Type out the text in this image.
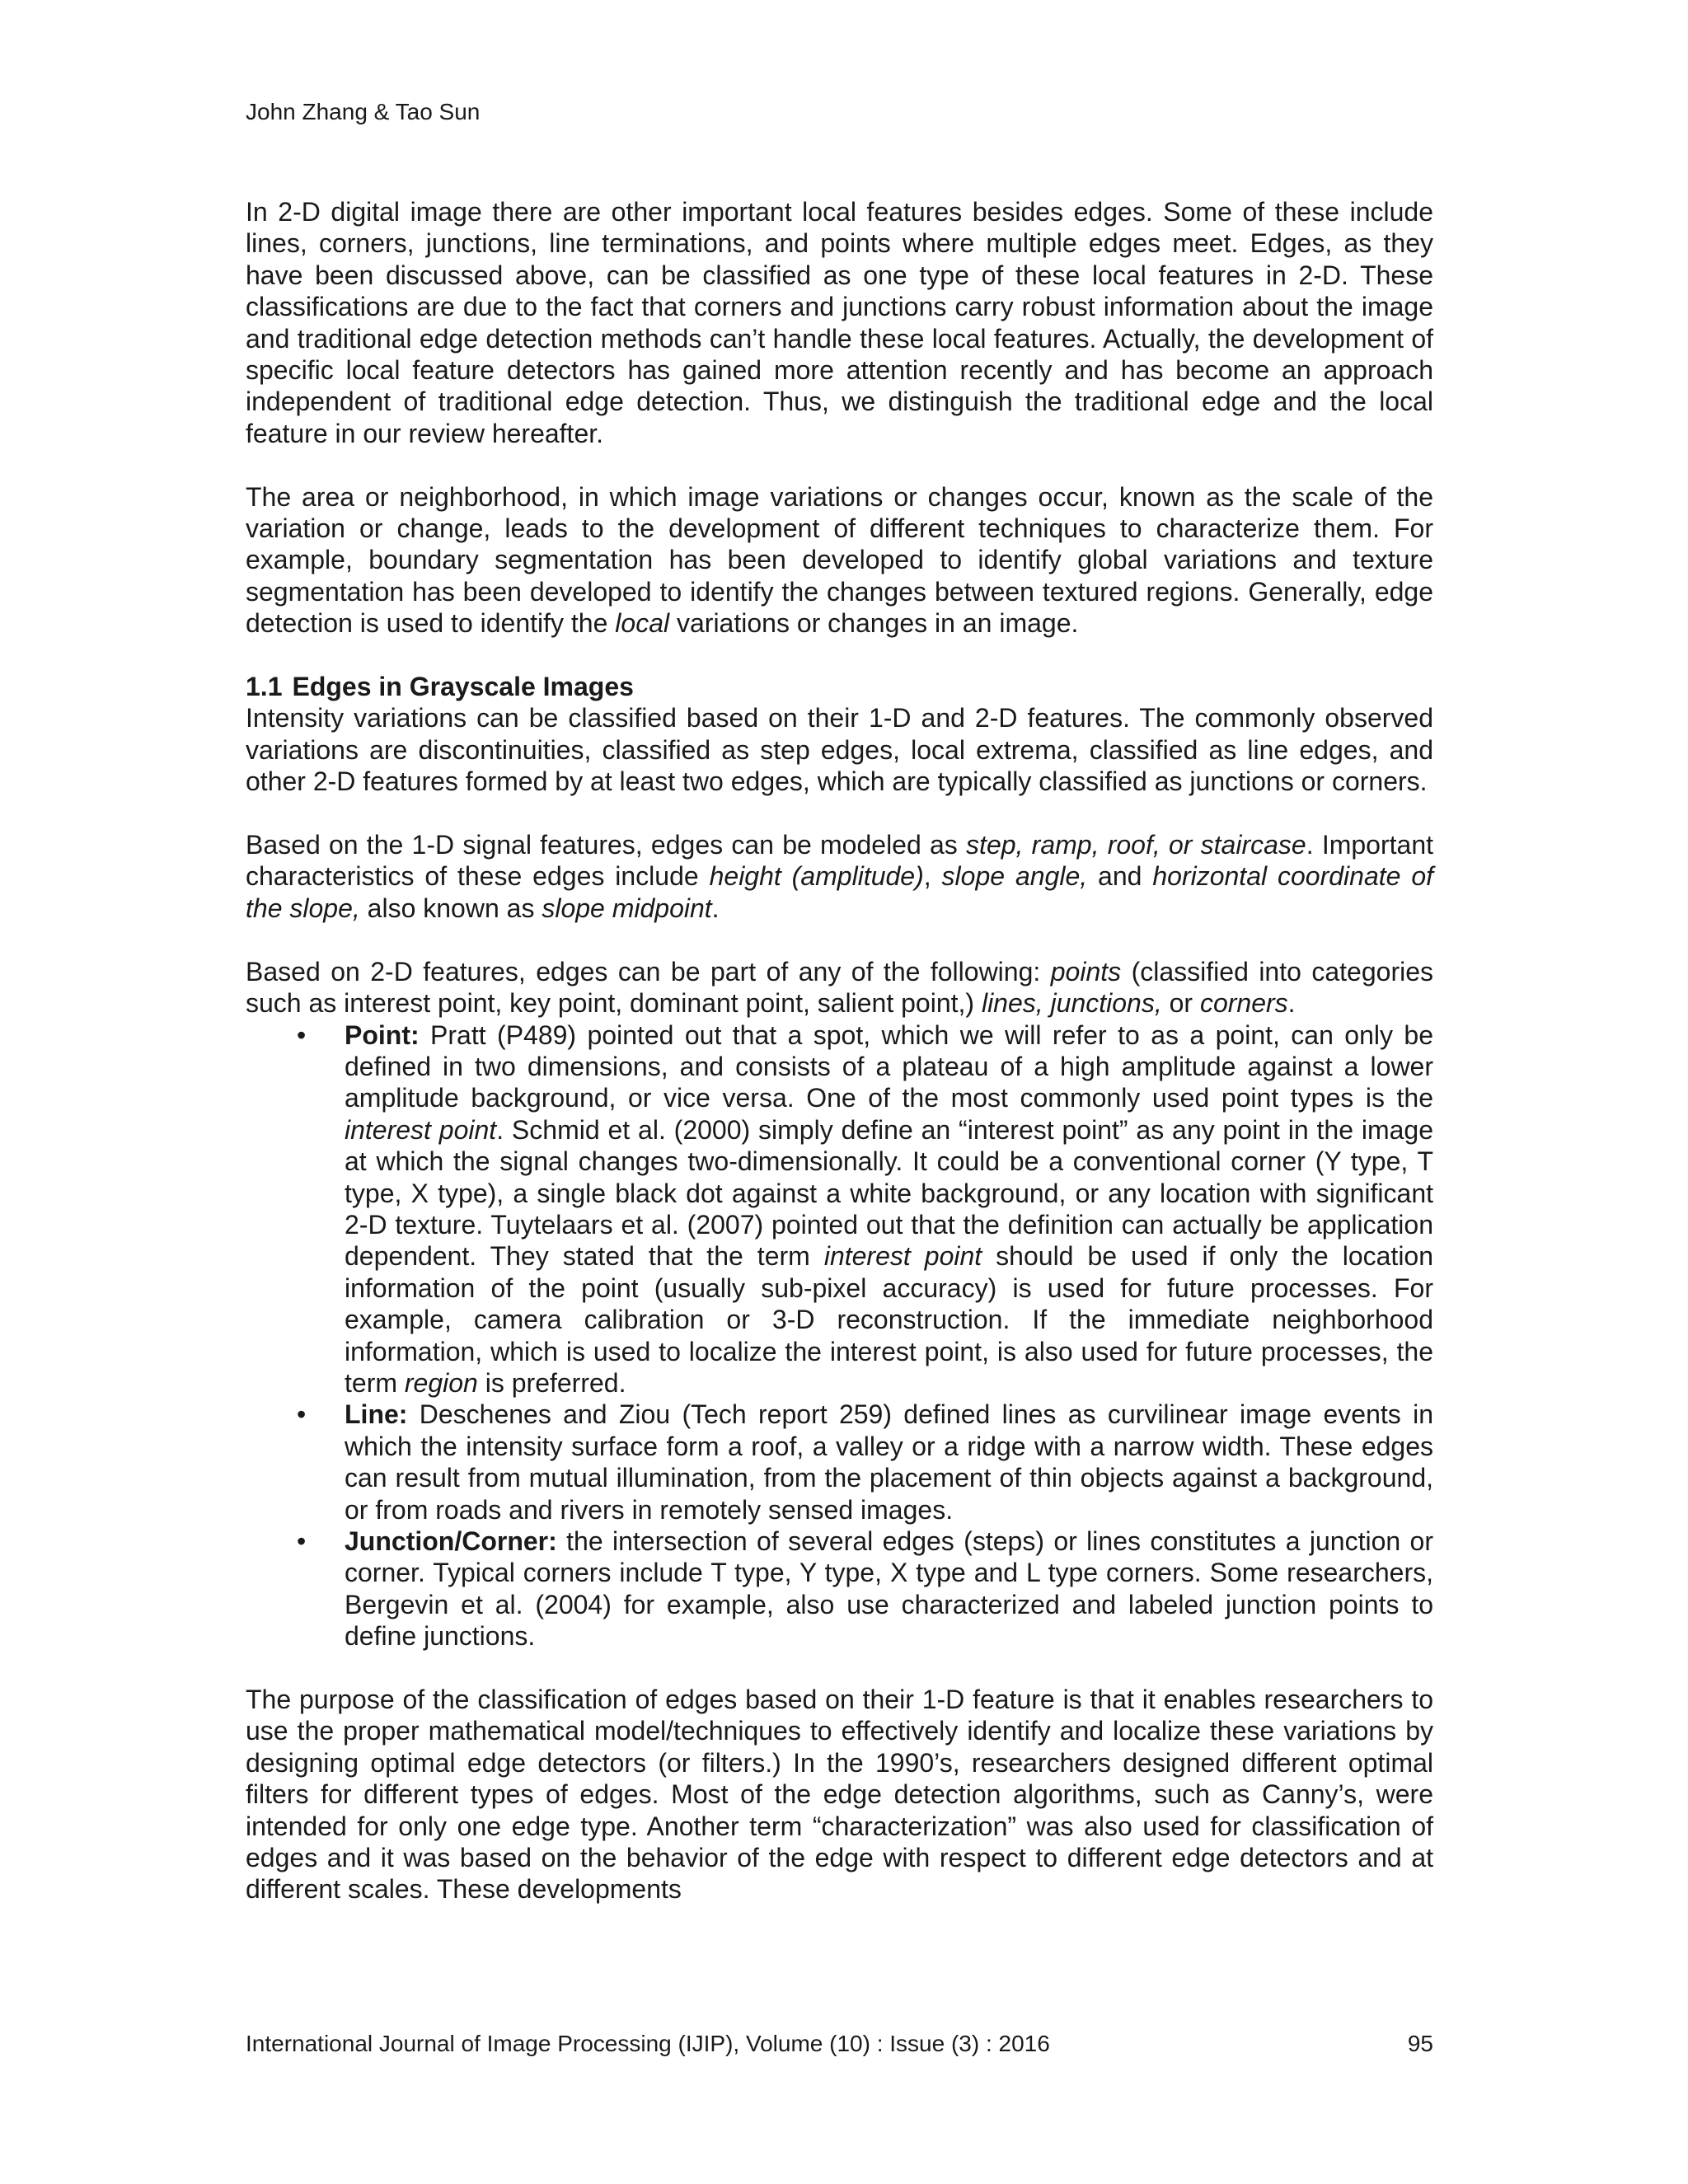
John Zhang & Tao Sun

In 2-D digital image there are other important local features besides edges. Some of these include lines, corners, junctions, line terminations, and points where multiple edges meet. Edges, as they have been discussed above, can be classified as one type of these local features in 2-D. These classifications are due to the fact that corners and junctions carry robust information about the image and traditional edge detection methods can’t handle these local features. Actually, the development of specific local feature detectors has gained more attention recently and has become an approach independent of traditional edge detection. Thus, we distinguish the traditional edge and the local feature in our review hereafter.

The area or neighborhood, in which image variations or changes occur, known as the scale of the variation or change, leads to the development of different techniques to characterize them. For example, boundary segmentation has been developed to identify global variations and texture segmentation has been developed to identify the changes between textured regions. Generally, edge detection is used to identify the local variations or changes in an image.

1.1 Edges in Grayscale Images

Intensity variations can be classified based on their 1-D and 2-D features. The commonly observed variations are discontinuities, classified as step edges, local extrema, classified as line edges, and other 2-D features formed by at least two edges, which are typically classified as junctions or corners.

Based on the 1-D signal features, edges can be modeled as step, ramp, roof, or staircase. Important characteristics of these edges include height (amplitude), slope angle, and horizontal coordinate of the slope, also known as slope midpoint.

Based on 2-D features, edges can be part of any of the following: points (classified into categories such as interest point, key point, dominant point, salient point,) lines, junctions, or corners.

• Point: Pratt (P489) pointed out that a spot, which we will refer to as a point, can only be defined in two dimensions, and consists of a plateau of a high amplitude against a lower amplitude background, or vice versa. One of the most commonly used point types is the interest point. Schmid et al. (2000) simply define an “interest point” as any point in the image at which the signal changes two-dimensionally. It could be a conventional corner (Y type, T type, X type), a single black dot against a white background, or any location with significant 2-D texture. Tuytelaars et al. (2007) pointed out that the definition can actually be application dependent. They stated that the term interest point should be used if only the location information of the point (usually sub-pixel accuracy) is used for future processes. For example, camera calibration or 3-D reconstruction. If the immediate neighborhood information, which is used to localize the interest point, is also used for future processes, the term region is preferred.
• Line: Deschenes and Ziou (Tech report 259) defined lines as curvilinear image events in which the intensity surface form a roof, a valley or a ridge with a narrow width. These edges can result from mutual illumination, from the placement of thin objects against a background, or from roads and rivers in remotely sensed images.
• Junction/Corner: the intersection of several edges (steps) or lines constitutes a junction or corner. Typical corners include T type, Y type, X type and L type corners. Some researchers, Bergevin et al. (2004) for example, also use characterized and labeled junction points to define junctions.

The purpose of the classification of edges based on their 1-D feature is that it enables researchers to use the proper mathematical model/techniques to effectively identify and localize these variations by designing optimal edge detectors (or filters.) In the 1990’s, researchers designed different optimal filters for different types of edges. Most of the edge detection algorithms, such as Canny’s, were intended for only one edge type. Another term “characterization” was also used for classification of edges and it was based on the behavior of the edge with respect to different edge detectors and at different scales. These developments

International Journal of Image Processing (IJIP), Volume (10) : Issue (3) : 2016	95
